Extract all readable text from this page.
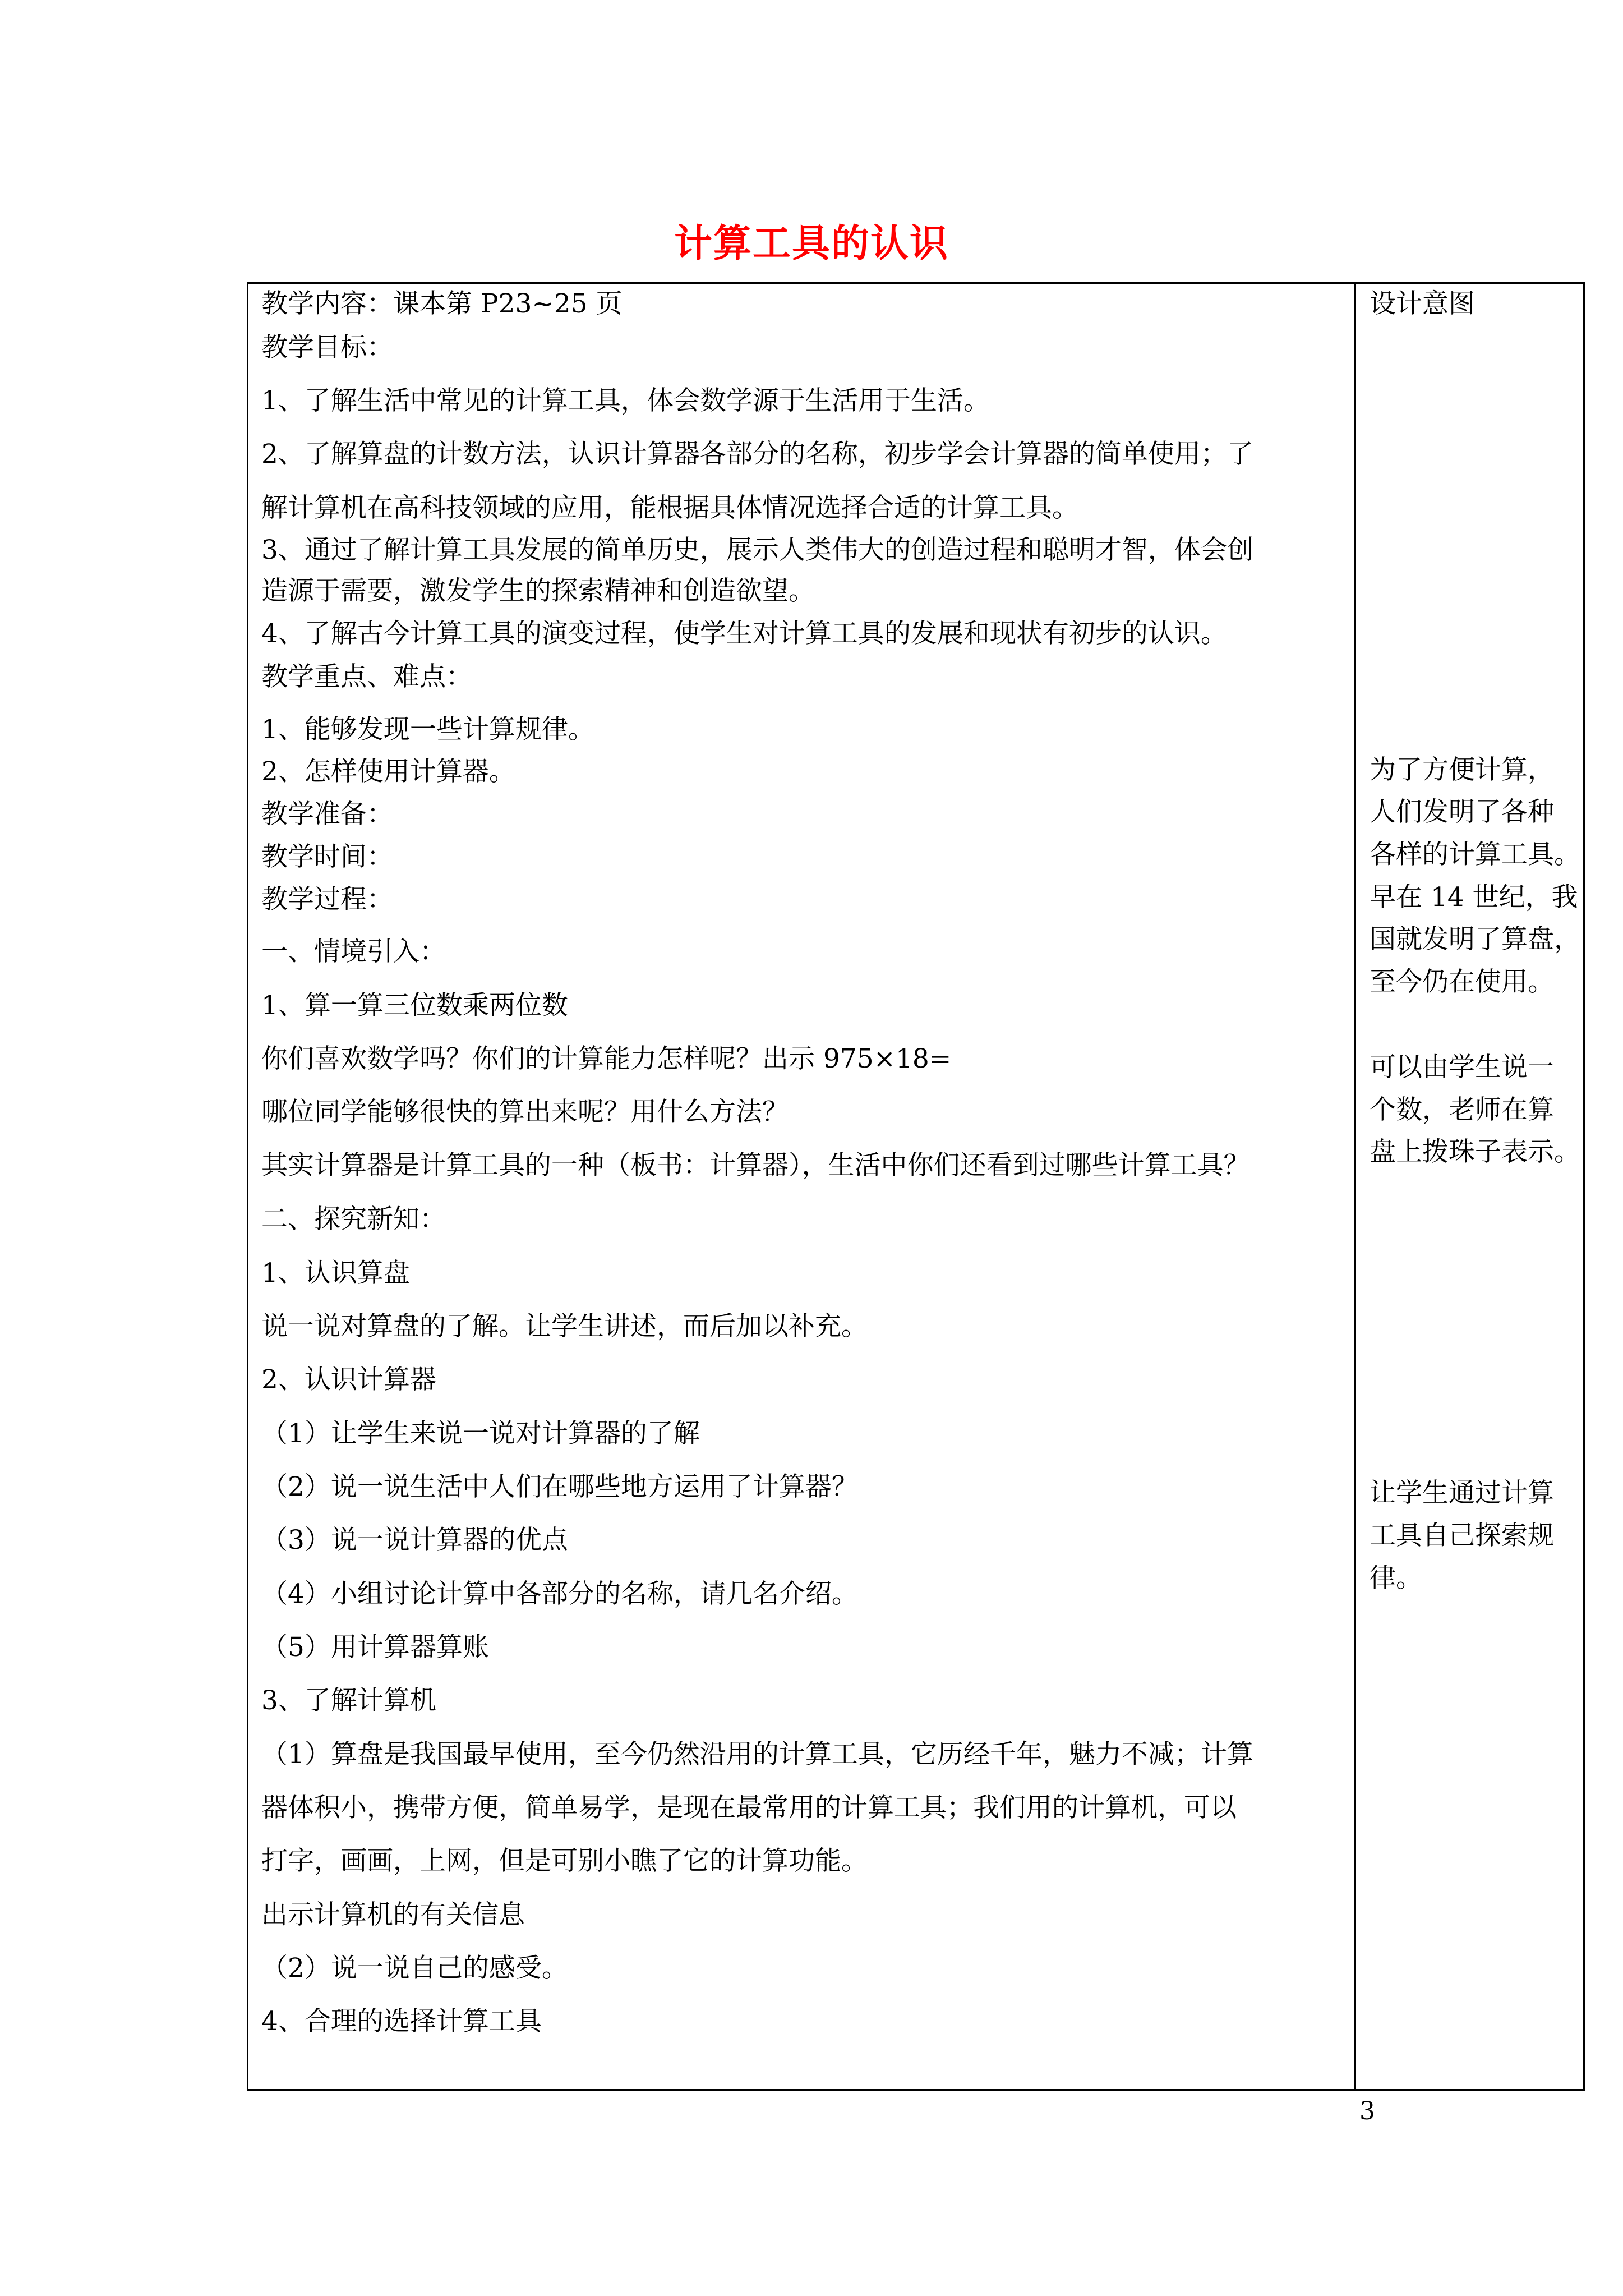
计算工具的认识
教学内容：课本第 P23~25 页
教学目标：
1、了解生活中常见的计算工具，体会数学源于生活用于生活。
2、了解算盘的计数方法，认识计算器各部分的名称，初步学会计算器的简单使用；了
解计算机在高科技领域的应用，能根据具体情况选择合适的计算工具。
3、通过了解计算工具发展的简单历史，展示人类伟大的创造过程和聪明才智，体会创
造源于需要，激发学生的探索精神和创造欲望。
4、了解古今计算工具的演变过程，使学生对计算工具的发展和现状有初步的认识。
教学重点、难点：
1、能够发现一些计算规律。
2、怎样使用计算器。
教学准备：
教学时间：
教学过程：
一、情境引入：
1、算一算三位数乘两位数
你们喜欢数学吗？你们的计算能力怎样呢？出示 975×18=
哪位同学能够很快的算出来呢？用什么方法？
其实计算器是计算工具的一种（板书：计算器），生活中你们还看到过哪些计算工具？
二、探究新知：
1、认识算盘
说一说对算盘的了解。让学生讲述，而后加以补充。
2、认识计算器
（1）让学生来说一说对计算器的了解
（2）说一说生活中人们在哪些地方运用了计算器？
（3）说一说计算器的优点
（4）小组讨论计算中各部分的名称，请几名介绍。
（5）用计算器算账
3、了解计算机
（1）算盘是我国最早使用，至今仍然沿用的计算工具，它历经千年，魅力不减；计算
器体积小，携带方便，简单易学，是现在最常用的计算工具；我们用的计算机，可以
打字，画画，上网，但是可别小瞧了它的计算功能。
出示计算机的有关信息
（2）说一说自己的感受。
4、合理的选择计算工具
设计意图
为了方便计算，
人们发明了各种
各样的计算工具。
早在 14 世纪，我
国就发明了算盘，
至今仍在使用。
可以由学生说一
个数，老师在算
盘上拨珠子表示。
让学生通过计算
工具自己探索规
律。
3
